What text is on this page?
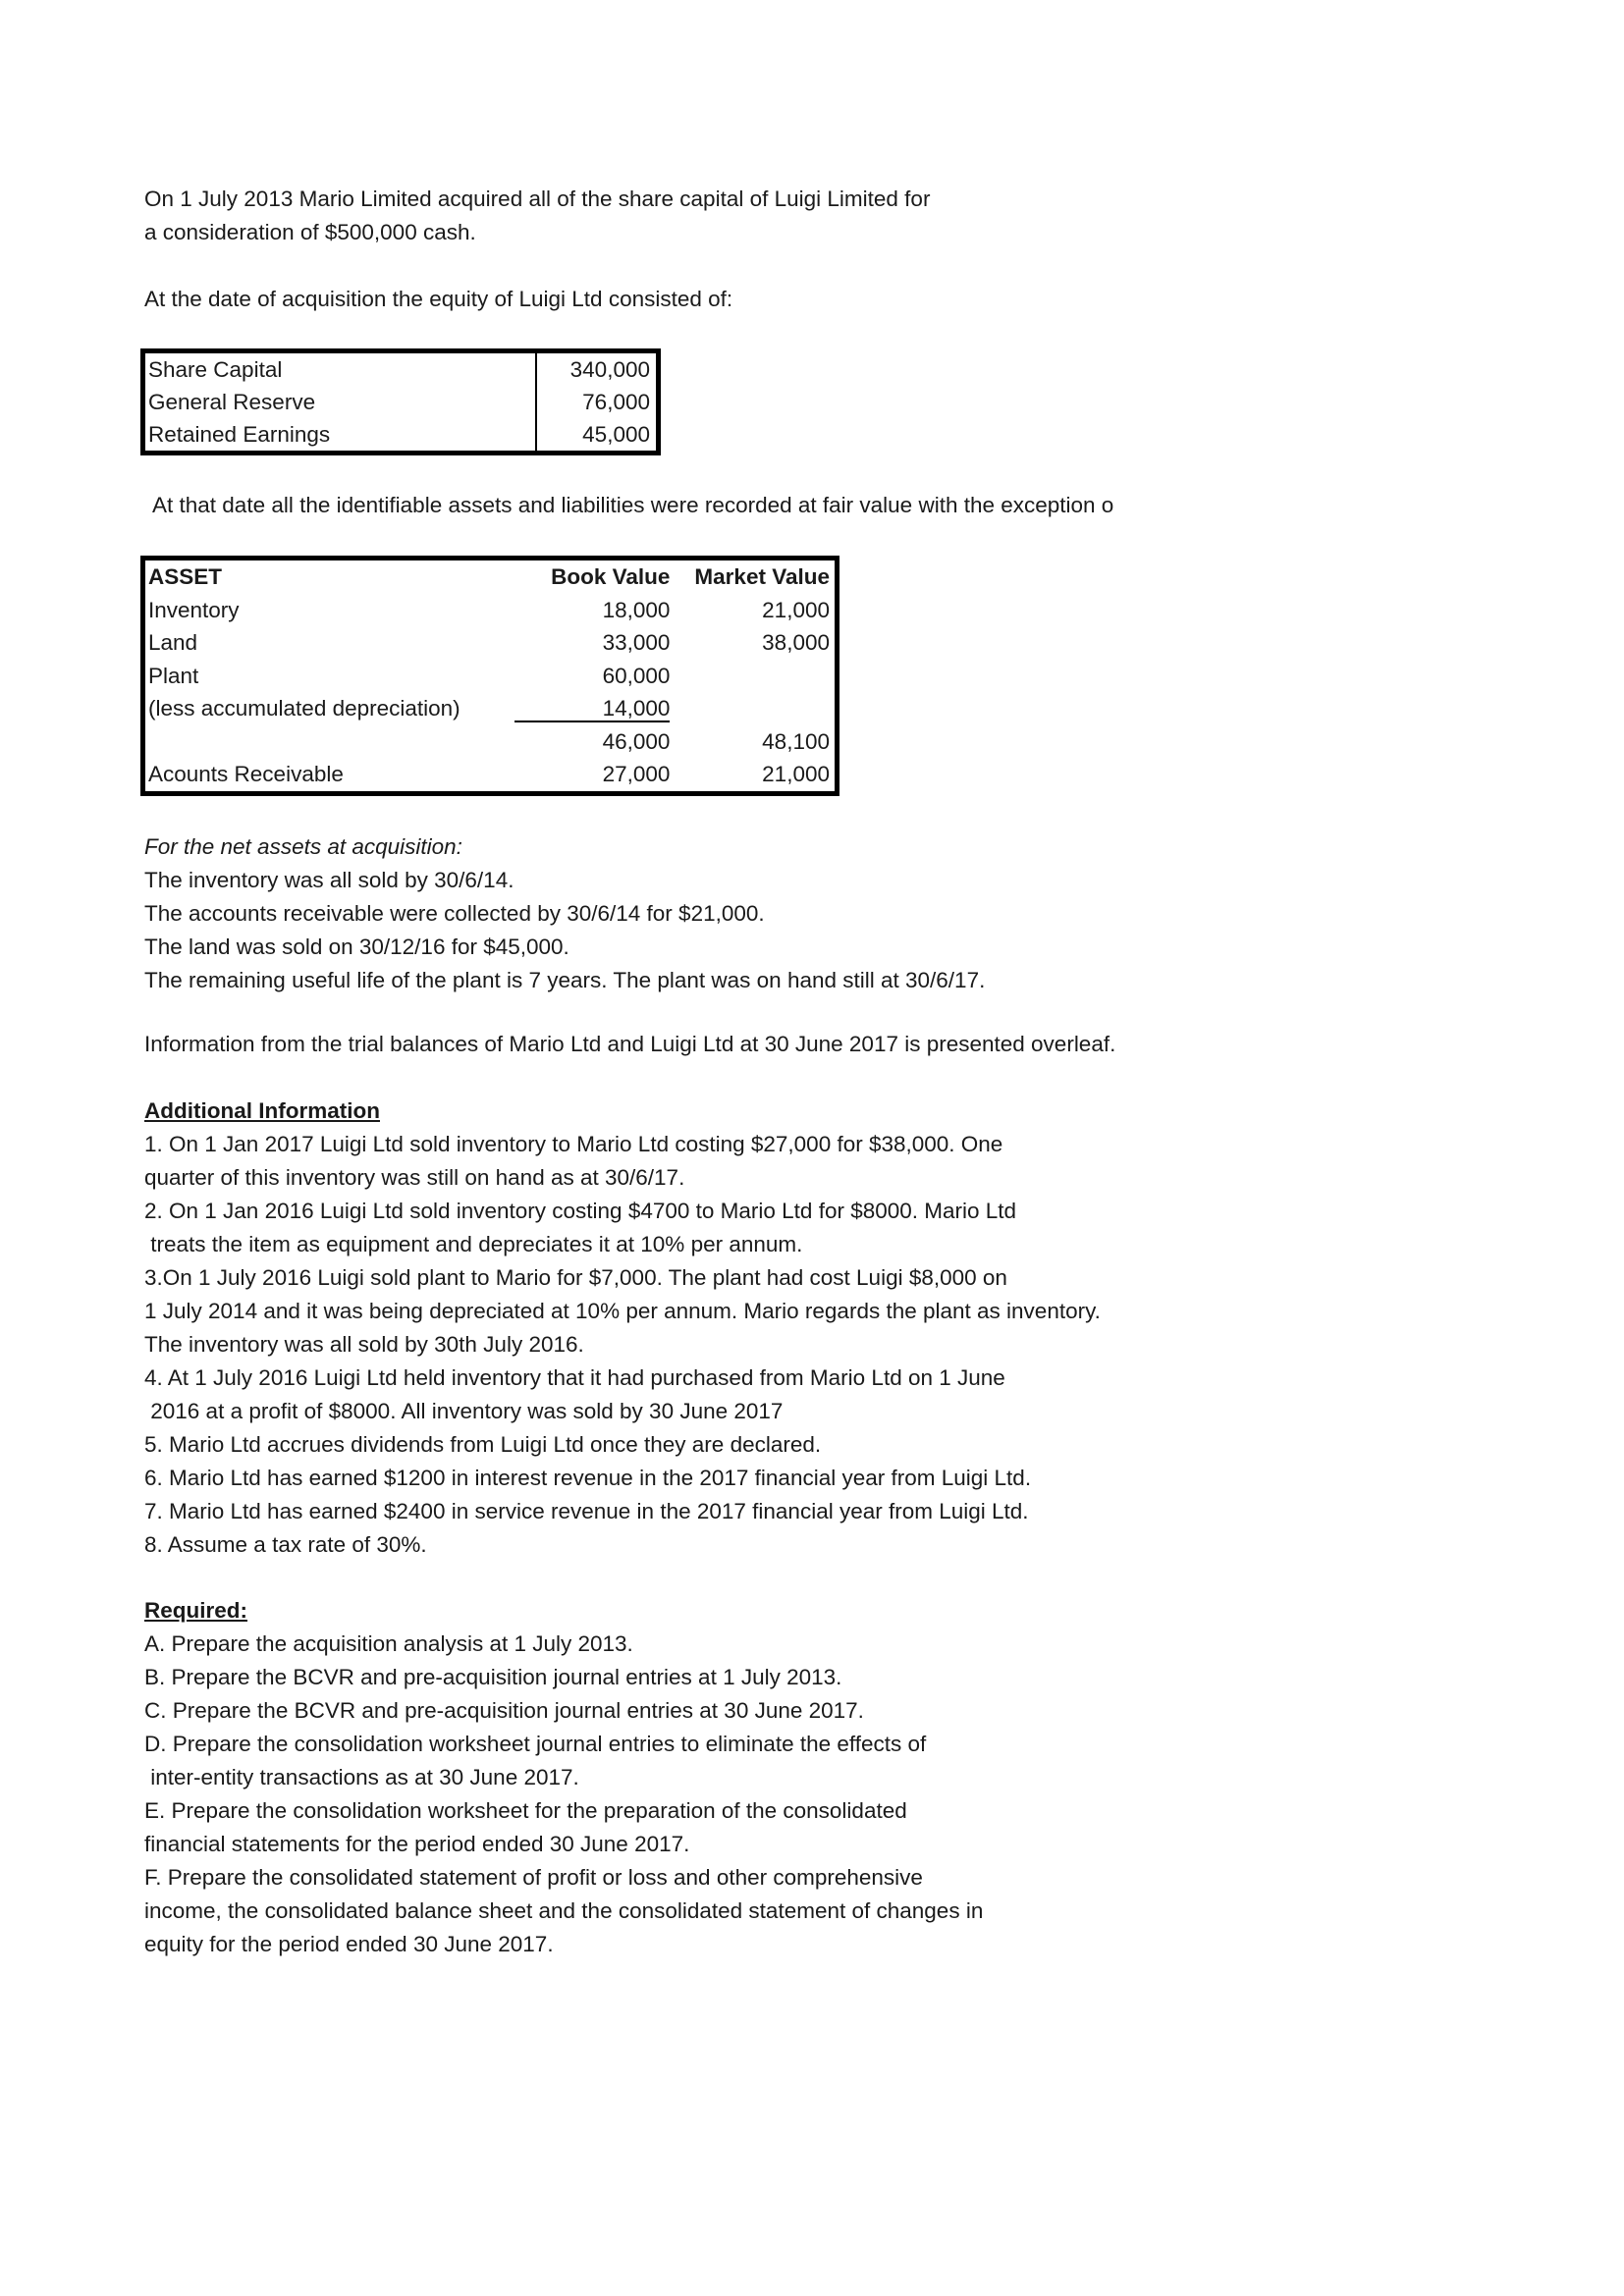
On 1 July 2013 Mario Limited acquired all of the share capital of Luigi Limited for
a consideration of $500,000 cash.
At the date of acquisition the equity of Luigi Ltd consisted of:
Share Capital	340,000
General Reserve	76,000
Retained Earnings	45,000
At that date all the identifiable assets and liabilities were recorded at fair value with the exception o
ASSET	Book Value	Market Value
Inventory	18,000	21,000
Land	33,000	38,000
Plant	60,000	
(less accumulated depreciation)	14,000	
	46,000	48,100
Acounts Receivable	27,000	21,000
For the net assets at acquisition:
The inventory was all sold by 30/6/14.
The accounts receivable were collected by 30/6/14 for $21,000.
The land was sold on 30/12/16 for $45,000.
The remaining useful life of the plant is 7 years. The plant was on hand still at 30/6/17.
Information from the trial balances of Mario Ltd and Luigi Ltd at 30 June 2017 is presented overleaf.
Additional Information
1. On 1 Jan 2017 Luigi Ltd sold inventory to Mario Ltd costing $27,000 for $38,000. One
quarter of this inventory was still on hand as at 30/6/17.
2. On 1 Jan 2016 Luigi Ltd sold inventory costing $4700 to Mario Ltd for $8000. Mario Ltd
treats the item as equipment and depreciates it at 10% per annum.
3.On 1 July 2016 Luigi sold plant to Mario for $7,000. The plant had cost Luigi $8,000 on
1 July 2014 and it was being depreciated at 10% per annum. Mario regards the plant as inventory.
The inventory was all sold by 30th July 2016.
4. At 1 July 2016 Luigi Ltd held inventory that it had purchased from Mario Ltd on 1 June
2016 at a profit of $8000. All inventory was sold by 30 June 2017
5. Mario Ltd accrues dividends from Luigi Ltd once they are declared.
6. Mario Ltd has earned $1200 in interest revenue in the 2017 financial year from Luigi Ltd.
7. Mario Ltd has earned $2400 in service revenue in the 2017 financial year from Luigi Ltd.
8. Assume a tax rate of 30%.
Required:
A. Prepare the acquisition analysis at 1 July 2013.
B. Prepare the BCVR and pre-acquisition journal entries at 1 July 2013.
C. Prepare the BCVR and pre-acquisition journal entries at 30 June 2017.
D. Prepare the consolidation worksheet journal entries to eliminate the effects of
inter-entity transactions as at 30 June 2017.
E. Prepare the consolidation worksheet for the preparation of the consolidated
financial statements for the period ended 30 June 2017.
F. Prepare the consolidated statement of profit or loss and other comprehensive
income, the consolidated balance sheet and the consolidated statement of changes in
equity for the period ended 30 June 2017.
